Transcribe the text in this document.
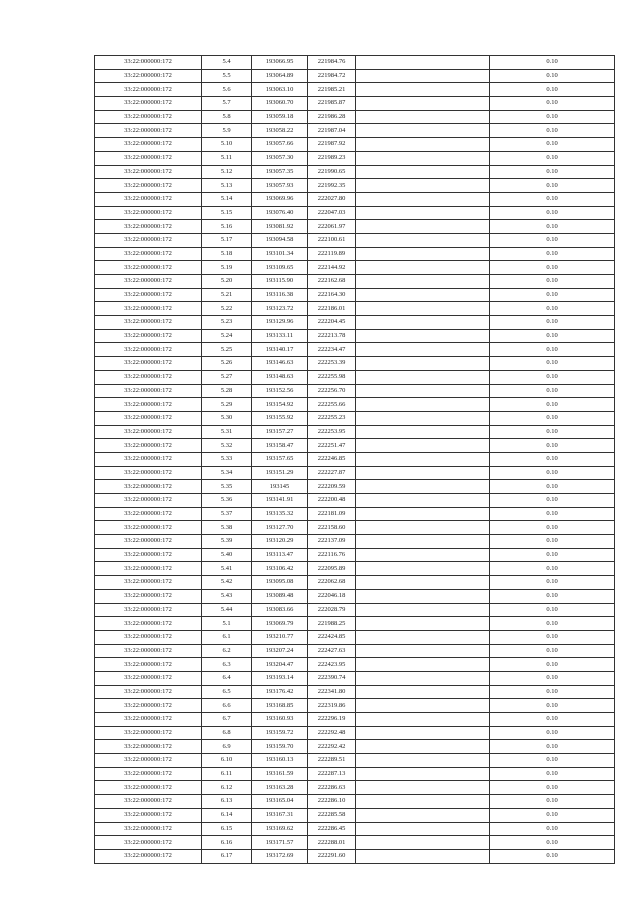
33:22:000000:172	5.4	193066.95	221984.76		0.10
33:22:000000:172	5.5	193064.89	221984.72		0.10
33:22:000000:172	5.6	193063.10	221985.21		0.10
33:22:000000:172	5.7	193060.70	221985.87		0.10
33:22:000000:172	5.8	193059.18	221986.28		0.10
33:22:000000:172	5.9	193058.22	221987.04		0.10
33:22:000000:172	5.10	193057.66	221987.92		0.10
33:22:000000:172	5.11	193057.30	221989.23		0.10
33:22:000000:172	5.12	193057.35	221990.65		0.10
33:22:000000:172	5.13	193057.93	221992.35		0.10
33:22:000000:172	5.14	193069.96	222027.80		0.10
33:22:000000:172	5.15	193076.40	222047.03		0.10
33:22:000000:172	5.16	193081.92	222061.97		0.10
33:22:000000:172	5.17	193094.58	222100.61		0.10
33:22:000000:172	5.18	193101.34	222119.89		0.10
33:22:000000:172	5.19	193109.65	222144.92		0.10
33:22:000000:172	5.20	193115.90	222162.68		0.10
33:22:000000:172	5.21	193116.38	222164.30		0.10
33:22:000000:172	5.22	193123.72	222186.01		0.10
33:22:000000:172	5.23	193129.96	222204.45		0.10
33:22:000000:172	5.24	193133.11	222213.78		0.10
33:22:000000:172	5.25	193140.17	222234.47		0.10
33:22:000000:172	5.26	193146.63	222253.39		0.10
33:22:000000:172	5.27	193148.63	222255.98		0.10
33:22:000000:172	5.28	193152.56	222256.70		0.10
33:22:000000:172	5.29	193154.92	222255.66		0.10
33:22:000000:172	5.30	193155.92	222255.23		0.10
33:22:000000:172	5.31	193157.27	222253.95		0.10
33:22:000000:172	5.32	193158.47	222251.47		0.10
33:22:000000:172	5.33	193157.65	222246.85		0.10
33:22:000000:172	5.34	193151.29	222227.87		0.10
33:22:000000:172	5.35	193145	222209.59		0.10
33:22:000000:172	5.36	193141.91	222200.48		0.10
33:22:000000:172	5.37	193135.32	222181.09		0.10
33:22:000000:172	5.38	193127.70	222158.60		0.10
33:22:000000:172	5.39	193120.29	222137.09		0.10
33:22:000000:172	5.40	193113.47	222116.76		0.10
33:22:000000:172	5.41	193106.42	222095.89		0.10
33:22:000000:172	5.42	193095.08	222062.68		0.10
33:22:000000:172	5.43	193089.48	222046.18		0.10
33:22:000000:172	5.44	193083.66	222028.79		0.10
33:22:000000:172	5.1	193069.79	221988.25		0.10
33:22:000000:172	6.1	193210.77	222424.85		0.10
33:22:000000:172	6.2	193207.24	222427.63		0.10
33:22:000000:172	6.3	193204.47	222423.95		0.10
33:22:000000:172	6.4	193193.14	222390.74		0.10
33:22:000000:172	6.5	193176.42	222341.80		0.10
33:22:000000:172	6.6	193168.85	222319.86		0.10
33:22:000000:172	6.7	193160.93	222296.19		0.10
33:22:000000:172	6.8	193159.72	222292.48		0.10
33:22:000000:172	6.9	193159.70	222292.42		0.10
33:22:000000:172	6.10	193160.13	222289.51		0.10
33:22:000000:172	6.11	193161.59	222287.13		0.10
33:22:000000:172	6.12	193163.28	222286.63		0.10
33:22:000000:172	6.13	193165.04	222286.10		0.10
33:22:000000:172	6.14	193167.31	222285.58		0.10
33:22:000000:172	6.15	193169.62	222286.45		0.10
33:22:000000:172	6.16	193171.57	222288.01		0.10
33:22:000000:172	6.17	193172.69	222291.60		0.10
